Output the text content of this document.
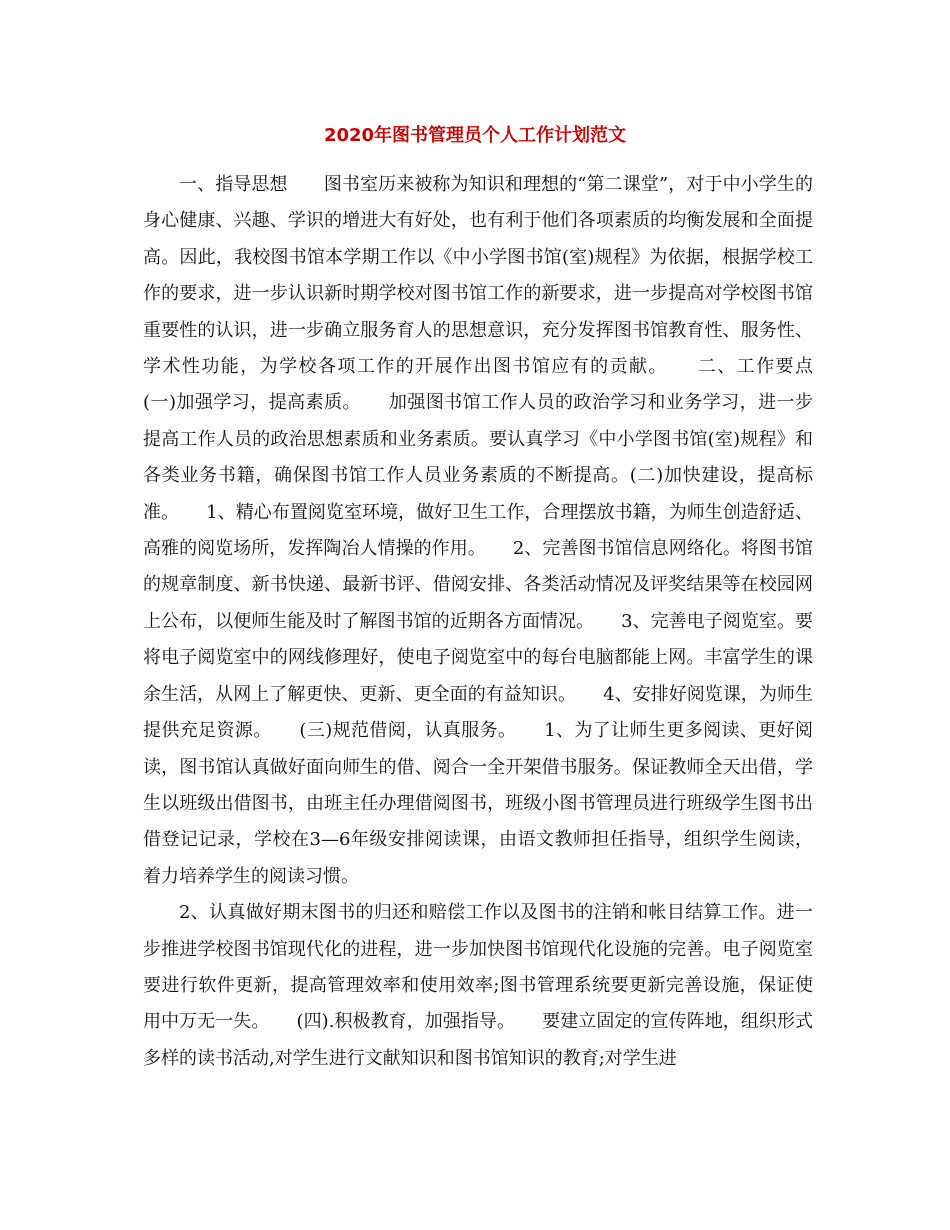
2020年图书管理员个人工作计划范文

一、指导思想　　图书室历来被称为知识和理想的“第二课堂”，对于中小学生的身心健康、兴趣、学识的增进大有好处，也有利于他们各项素质的均衡发展和全面提高。因此，我校图书馆本学期工作以《中小学图书馆(室)规程》为依据，根据学校工作的要求，进一步认识新时期学校对图书馆工作的新要求，进一步提高对学校图书馆重要性的认识，进一步确立服务育人的思想意识，充分发挥图书馆教育性、服务性、学术性功能，为学校各项工作的开展作出图书馆应有的贡献。　　二、工作要点　　(一)加强学习，提高素质。　　加强图书馆工作人员的政治学习和业务学习，进一步提高工作人员的政治思想素质和业务素质。要认真学习《中小学图书馆(室)规程》和各类业务书籍，确保图书馆工作人员业务素质的不断提高。(二)加快建设，提高标准。　　1、精心布置阅览室环境，做好卫生工作，合理摆放书籍，为师生创造舒适、高雅的阅览场所，发挥陶冶人情操的作用。　　2、完善图书馆信息网络化。将图书馆的规章制度、新书快递、最新书评、借阅安排、各类活动情况及评奖结果等在校园网上公布，以便师生能及时了解图书馆的近期各方面情况。　　3、完善电子阅览室。要将电子阅览室中的网线修理好，使电子阅览室中的每台电脑都能上网。丰富学生的课余生活，从网上了解更快、更新、更全面的有益知识。　　4、安排好阅览课，为师生提供充足资源。　　(三)规范借阅，认真服务。　　1、为了让师生更多阅读、更好阅读，图书馆认真做好面向师生的借、阅合一全开架借书服务。保证教师全天出借，学生以班级出借图书，由班主任办理借阅图书，班级小图书管理员进行班级学生图书出借登记记录，学校在3—6年级安排阅读课，由语文教师担任指导，组织学生阅读，着力培养学生的阅读习惯。

2、认真做好期末图书的归还和赔偿工作以及图书的注销和帐目结算工作。进一步推进学校图书馆现代化的进程，进一步加快图书馆现代化设施的完善。电子阅览室要进行软件更新，提高管理效率和使用效率;图书管理系统要更新完善设施，保证使用中万无一失。　　(四).积极教育，加强指导。　　要建立固定的宣传阵地，组织形式多样的读书活动,对学生进行文献知识和图书馆知识的教育;对学生进
